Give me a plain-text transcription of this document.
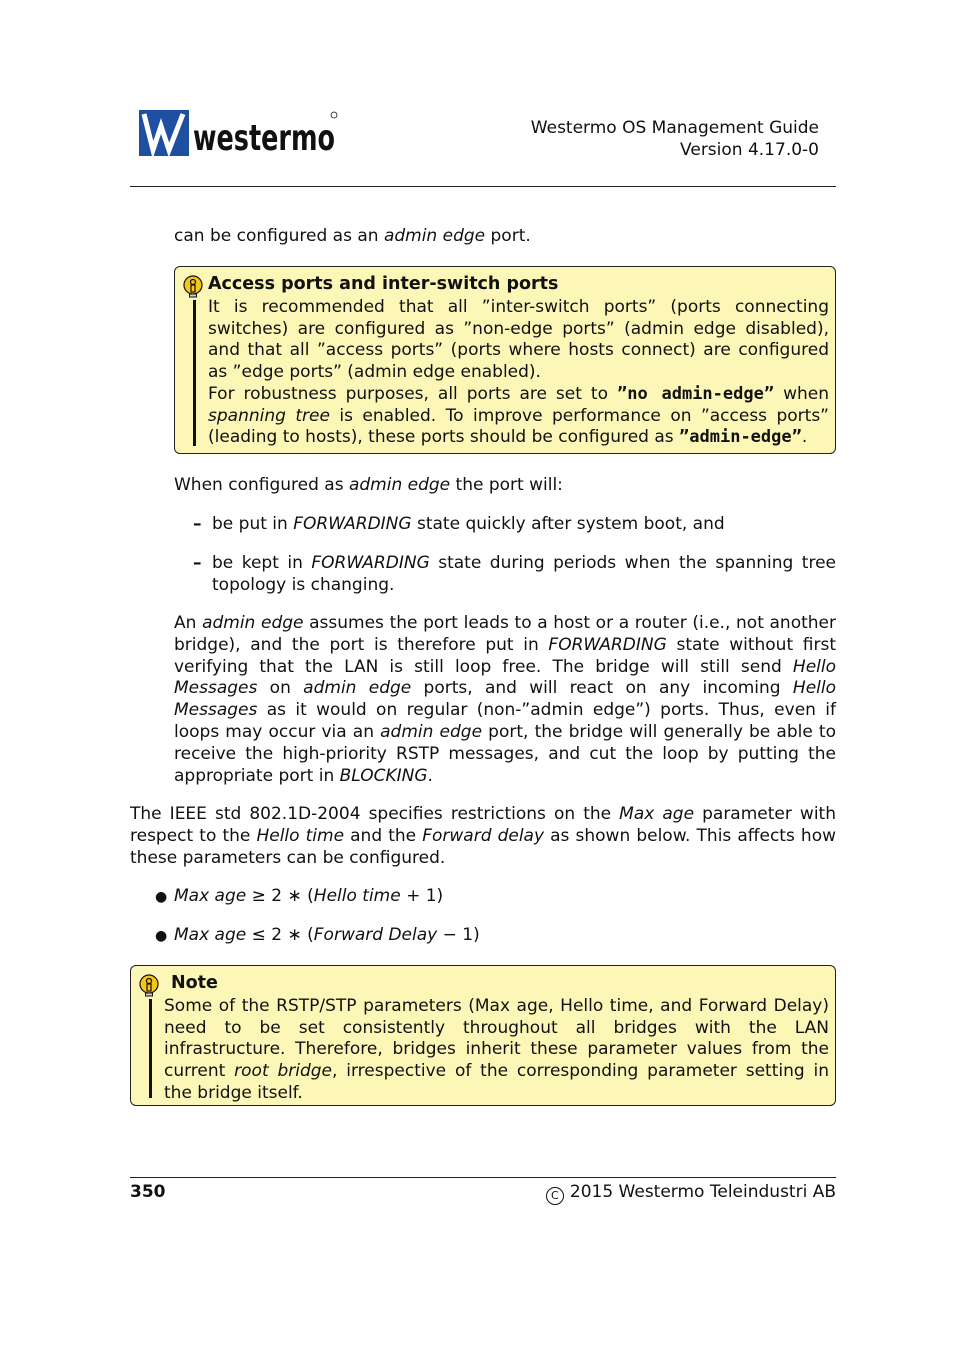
westermo	Westermo OS Management Guide
Version 4.17.0-0
can be configured as an admin edge port.
Access ports and inter-switch ports
It is recommended that all ”inter-switch ports” (ports connecting switches) are configured as ”non-edge ports” (admin edge disabled), and that all ”access ports” (ports where hosts connect) are configured as ”edge ports” (admin edge enabled).
For robustness purposes, all ports are set to ”no admin-edge” when spanning tree is enabled. To improve performance on ”access ports” (leading to hosts), these ports should be configured as ”admin-edge”.
When configured as admin edge the port will:
– be put in FORWARDING state quickly after system boot, and
– be kept in FORWARDING state during periods when the spanning tree topology is changing.
An admin edge assumes the port leads to a host or a router (i.e., not another bridge), and the port is therefore put in FORWARDING state without first verifying that the LAN is still loop free. The bridge will still send Hello Messages on admin edge ports, and will react on any incoming Hello Messages as it would on regular (non-”admin edge”) ports. Thus, even if loops may occur via an admin edge port, the bridge will generally be able to receive the high-priority RSTP messages, and cut the loop by putting the appropriate port in BLOCKING.
The IEEE std 802.1D-2004 specifies restrictions on the Max age parameter with respect to the Hello time and the Forward delay as shown below. This affects how these parameters can be configured.
● Max age ≥ 2 ∗ (Hello time + 1)
● Max age ≤ 2 ∗ (Forward Delay − 1)
Note
Some of the RSTP/STP parameters (Max age, Hello time, and Forward Delay) need to be set consistently throughout all bridges with the LAN infrastructure. Therefore, bridges inherit these parameter values from the current root bridge, irrespective of the corresponding parameter setting in the bridge itself.
350	C 2015 Westermo Teleindustri AB
